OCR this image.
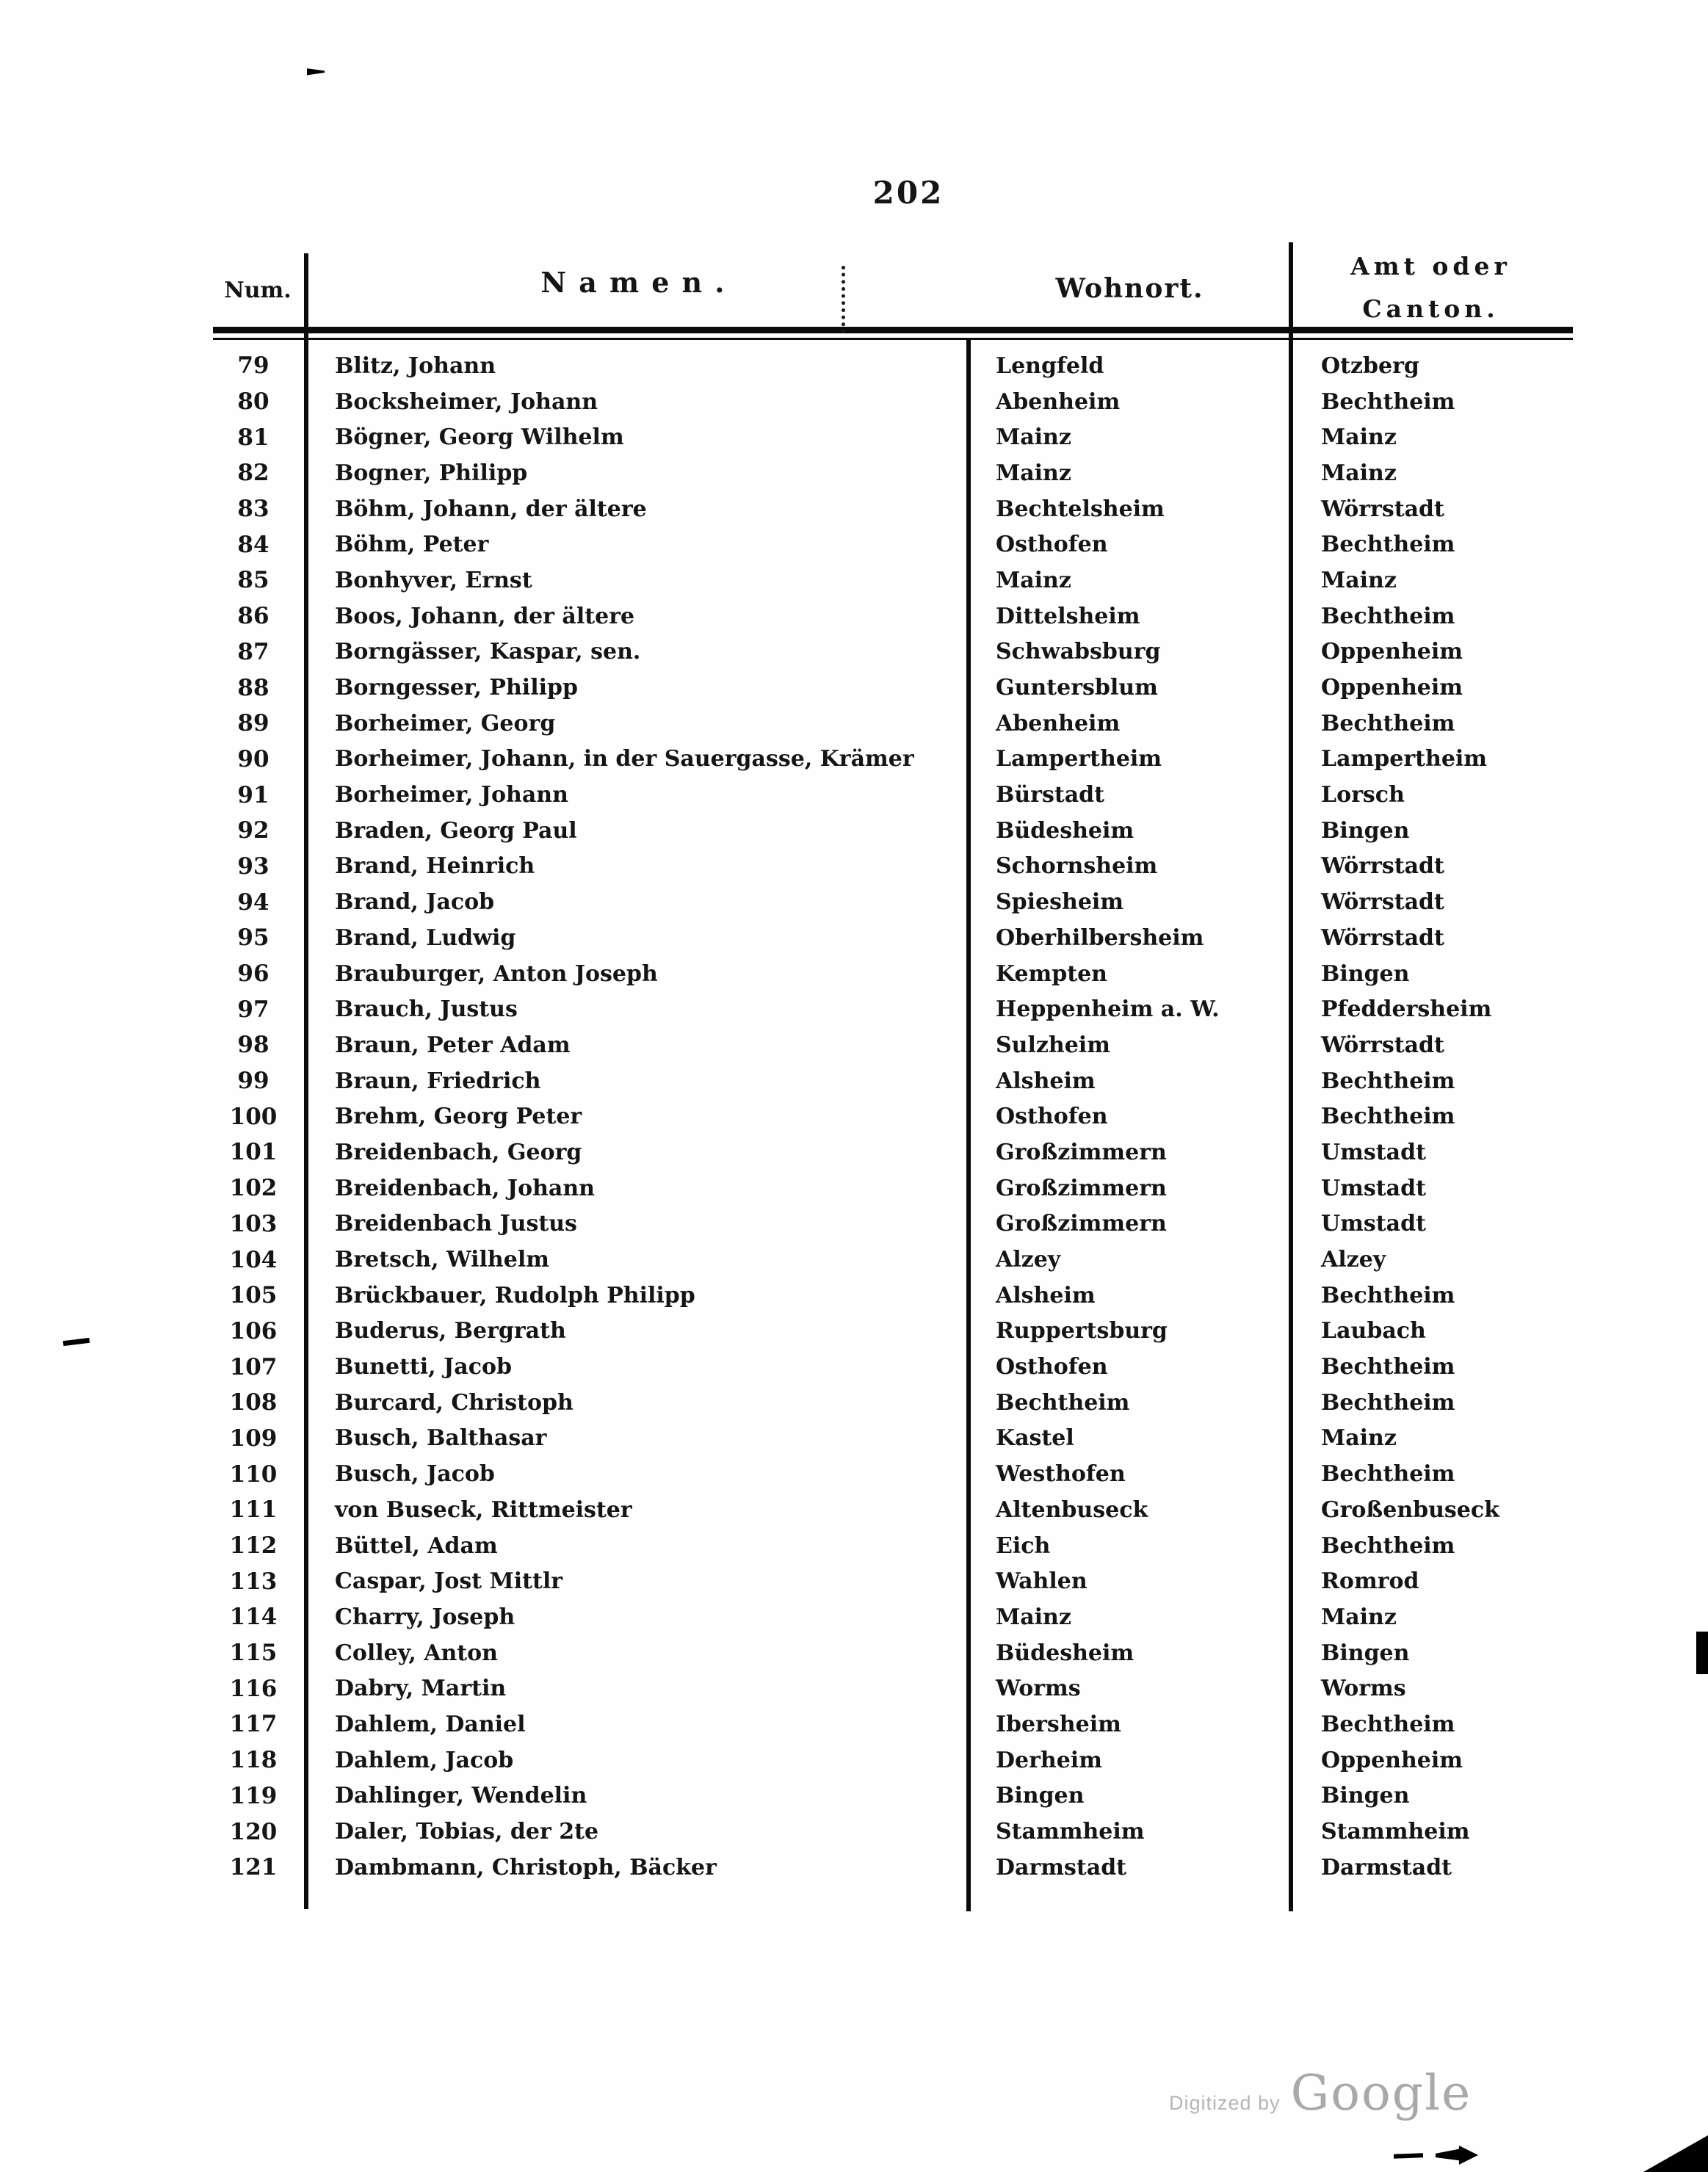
202
Num.	Namen.	Wohnort.
Amt oder
Canton.
79	Blitz, Johann	Lengfeld	Otzberg
80	Bocksheimer, Johann	Abenheim	Bechtheim
81	Bögner, Georg Wilhelm	Mainz	Mainz
82	Bogner, Philipp	Mainz	Mainz
83	Böhm, Johann, der ältere	Bechtelsheim	Wörrstadt
84	Böhm, Peter	Osthofen	Bechtheim
85	Bonhyver, Ernst	Mainz	Mainz
86	Boos, Johann, der ältere	Dittelsheim	Bechtheim
87	Borngässer, Kaspar, sen.	Schwabsburg	Oppenheim
88	Borngesser, Philipp	Guntersblum	Oppenheim
89	Borheimer, Georg	Abenheim	Bechtheim
90	Borheimer, Johann, in der Sauergasse, Krämer	Lampertheim	Lampertheim
91	Borheimer, Johann	Bürstadt	Lorsch
92	Braden, Georg Paul	Büdesheim	Bingen
93	Brand, Heinrich	Schornsheim	Wörrstadt
94	Brand, Jacob	Spiesheim	Wörrstadt
95	Brand, Ludwig	Oberhilbersheim	Wörrstadt
96	Brauburger, Anton Joseph	Kempten	Bingen
97	Brauch, Justus	Heppenheim a. W.	Pfeddersheim
98	Braun, Peter Adam	Sulzheim	Wörrstadt
99	Braun, Friedrich	Alsheim	Bechtheim
100	Brehm, Georg Peter	Osthofen	Bechtheim
101	Breidenbach, Georg	Großzimmern	Umstadt
102	Breidenbach, Johann	Großzimmern	Umstadt
103	Breidenbach Justus	Großzimmern	Umstadt
104	Bretsch, Wilhelm	Alzey	Alzey
105	Brückbauer, Rudolph Philipp	Alsheim	Bechtheim
106	Buderus, Bergrath	Ruppertsburg	Laubach
107	Bunetti, Jacob	Osthofen	Bechtheim
108	Burcard, Christoph	Bechtheim	Bechtheim
109	Busch, Balthasar	Kastel	Mainz
110	Busch, Jacob	Westhofen	Bechtheim
111	von Buseck, Rittmeister	Altenbuseck	Großenbuseck
112	Büttel, Adam	Eich	Bechtheim
113	Caspar, Jost Mittlr	Wahlen	Romrod
114	Charry, Joseph	Mainz	Mainz
115	Colley, Anton	Büdesheim	Bingen
116	Dabry, Martin	Worms	Worms
117	Dahlem, Daniel	Ibersheim	Bechtheim
118	Dahlem, Jacob	Derheim	Oppenheim
119	Dahlinger, Wendelin	Bingen	Bingen
120	Daler, Tobias, der 2te	Stammheim	Stammheim
121	Dambmann, Christoph, Bäcker	Darmstadt	Darmstadt
Digitized by Google
